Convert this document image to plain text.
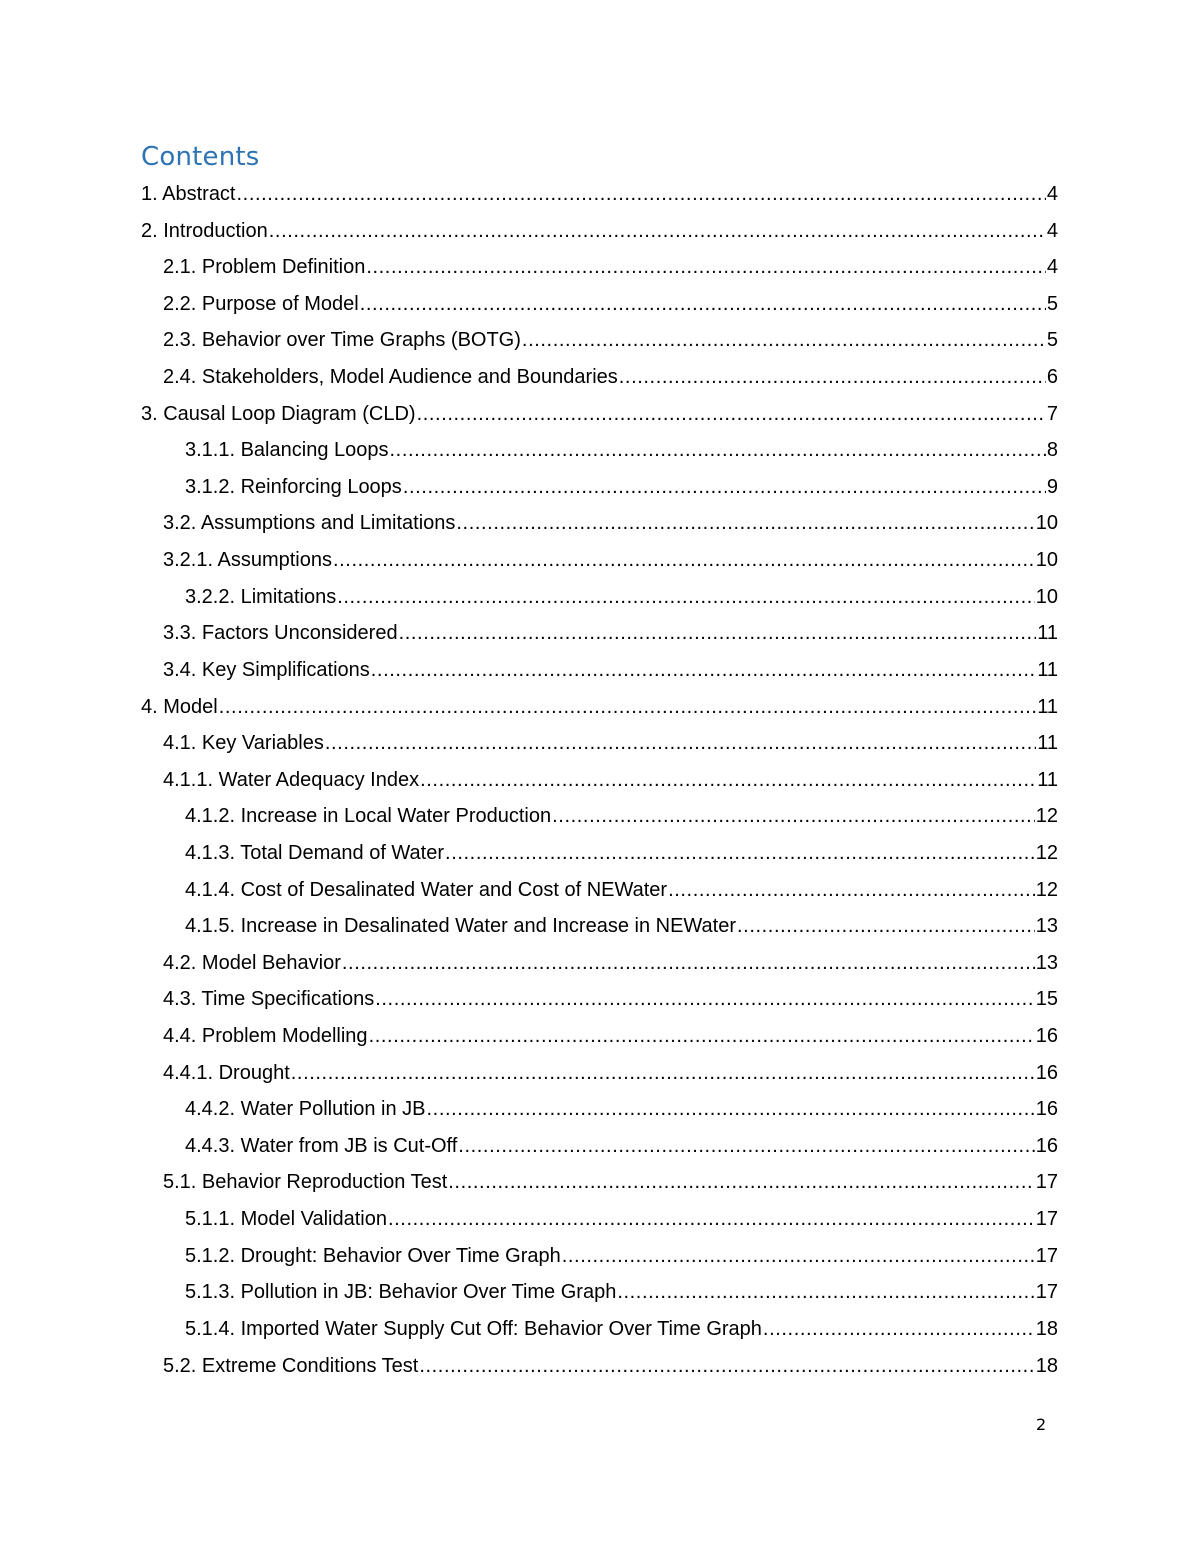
Contents
1. Abstract .....	4
2. Introduction .....	4
2.1. Problem Definition .....	4
2.2. Purpose of Model .....	5
2.3. Behavior over Time Graphs (BOTG) .....	5
2.4. Stakeholders, Model Audience and Boundaries .....	6
3. Causal Loop Diagram (CLD) .....	7
3.1.1. Balancing Loops .....	8
3.1.2. Reinforcing Loops .....	9
3.2. Assumptions and Limitations .....	10
3.2.1. Assumptions .....	10
3.2.2. Limitations .....	10
3.3. Factors Unconsidered .....	11
3.4. Key Simplifications .....	11
4. Model .....	11
4.1. Key Variables .....	11
4.1.1. Water Adequacy Index .....	11
4.1.2. Increase in Local Water Production .....	12
4.1.3. Total Demand of Water .....	12
4.1.4. Cost of Desalinated Water and Cost of NEWater .....	12
4.1.5. Increase in Desalinated Water and Increase in NEWater .....	13
4.2. Model Behavior .....	13
4.3. Time Specifications .....	15
4.4. Problem Modelling .....	16
4.4.1. Drought .....	16
4.4.2. Water Pollution in JB .....	16
4.4.3. Water from JB is Cut-Off .....	16
5.1. Behavior Reproduction Test .....	17
5.1.1. Model Validation .....	17
5.1.2. Drought: Behavior Over Time Graph .....	17
5.1.3. Pollution in JB: Behavior Over Time Graph .....	17
5.1.4. Imported Water Supply Cut Off: Behavior Over Time Graph .....	18
5.2. Extreme Conditions Test .....	18
2
